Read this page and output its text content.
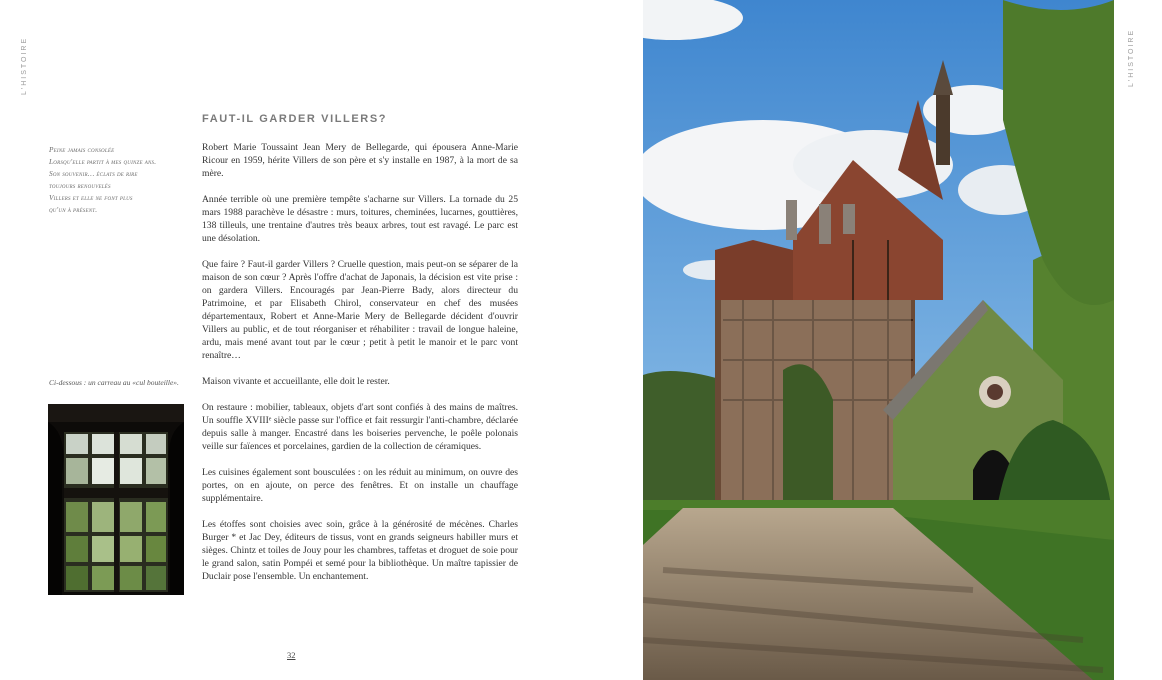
L'HISTOIRE	L'HISTOIRE
FAUT-IL GARDER VILLERS?
Peine jamais consolée
Lorsqu'elle partit à mes quinze ans.
Son souvenir… éclats de rire
toujours renouvelés
Villers et elle ne font plus
qu'un à présent.

Robert Marie Toussaint Jean Mery de Bellegarde, qui épousera Anne-Marie Ricour en 1959, hérite Villers de son père et s'y installe en 1987, à la mort de sa mère.

Année terrible où une première tempête s'acharne sur Villers. La tornade du 25 mars 1988 parachève le désastre : murs, toitures, cheminées, lucarnes, gouttières, 138 tilleuls, une trentaine d'autres très beaux arbres, tout est ravagé. Le parc est une désolation.

Que faire ? Faut-il garder Villers ? Cruelle question, mais peut-on se séparer de la maison de son cœur ? Après l'offre d'achat de Japonais, la décision est vite prise : on gardera Villers. Encouragés par Jean-Pierre Bady, alors directeur du Patrimoine, et par Elisabeth Chirol, conservateur en chef des musées départementaux, Robert et Anne-Marie Mery de Bellegarde décident d'ouvrir Villers au public, et de tout réorganiser et réhabiliter : travail de longue haleine, ardu, mais mené avant tout par le cœur ; petit à petit le manoir et le parc vont renaître…

Maison vivante et accueillante, elle doit le rester.

On restaure : mobilier, tableaux, objets d'art sont confiés à des mains de maîtres. Un souffle XVIIIᵉ siècle passe sur l'office et fait ressurgir l'anti-chambre, déclarée depuis salle à manger. Encastré dans les boiseries pervenche, le poêle polonais veille sur faïences et porcelaines, gardien de la collection de céramiques.

Les cuisines également sont bousculées : on les réduit au minimum, on ouvre des portes, on en ajoute, on perce des fenêtres. Et on installe un chauffage supplémentaire.

Les étoffes sont choisies avec soin, grâce à la générosité de mécènes. Charles Burger * et Jac Dey, éditeurs de tissus, vont en grands seigneurs habiller murs et sièges. Chintz et toiles de Jouy pour les chambres, taffetas et droguet de soie pour le grand salon, satin Pompéi et semé pour la bibliothèque. Un maître tapissier de Duclair pose l'ensemble. Un enchantement.

Ci-dessous : un carreau au «cul bouteille».
32
